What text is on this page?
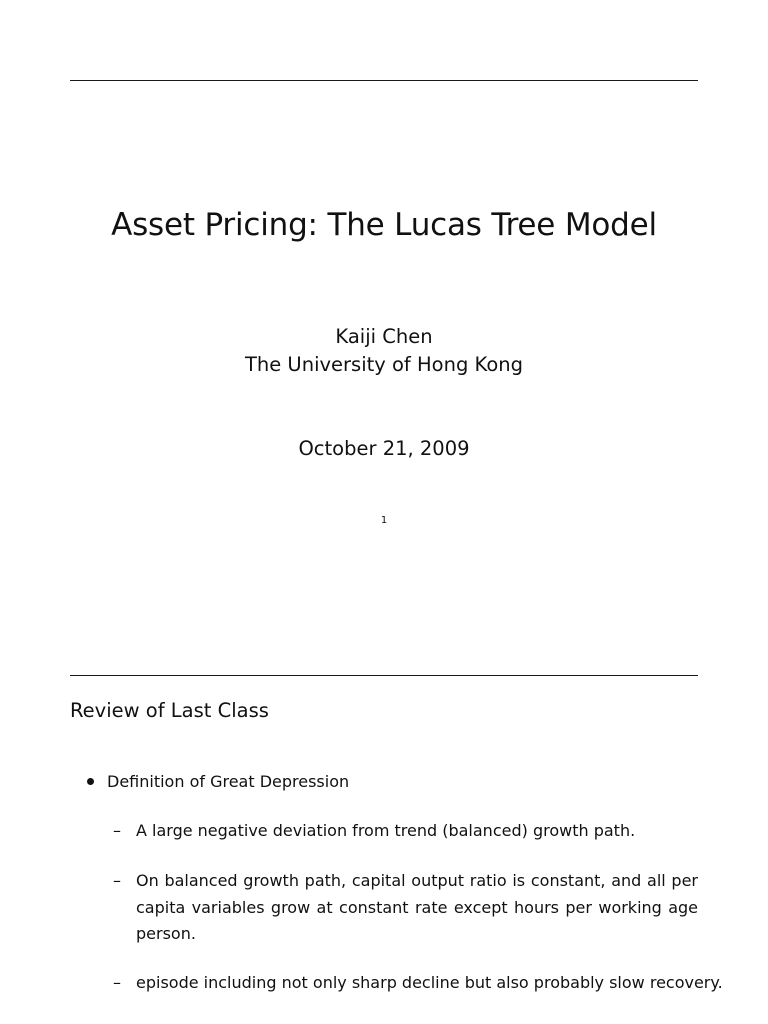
Asset Pricing: The Lucas Tree Model
Kaiji Chen
The University of Hong Kong
October 21, 2009
1
Review of Last Class
Definition of Great Depression
– A large negative deviation from trend (balanced) growth path.
– On balanced growth path, capital output ratio is constant, and all per capita variables grow at constant rate except hours per working age person.
– episode including not only sharp decline but also probably slow recovery.
